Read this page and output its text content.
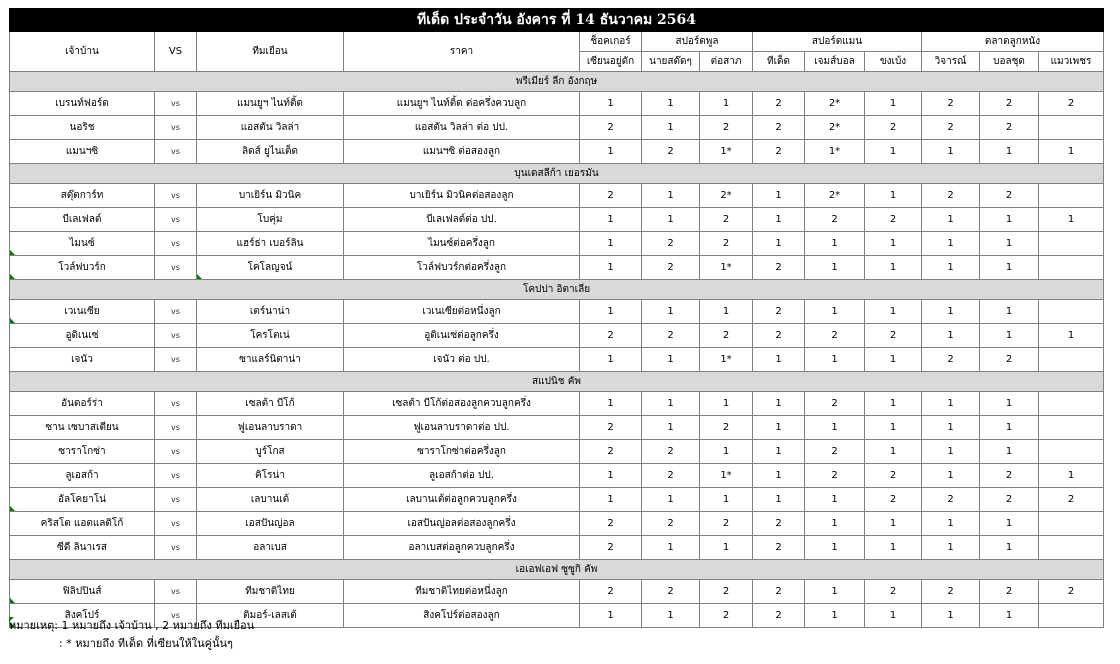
ทีเด็ด ประจำวัน อังคาร ที่ 14 ธันวาคม 2564												
เจ้าบ้าน	VS	ทีมเยือน	ราคา	ช็อคเกอร์	สปอร์ตพูล		สปอร์ตแมน			ตลาดลูกหนัง		
				เซียนอยู่ดัก	นายสต๊ดๆ	ต่อสาภ	ทีเด็ด	เจมส์บอล	ขงเบ้ง	วิจารณ์	บอลชุด	แมวเพชร
พรีเมียร์ ลีก อังกฤษ												
เบรนท์ฟอร์ด	vs	แมนยูฯ ไนท์ติ้ด	แมนยูฯ ไนท์ติ้ด ต่อครึ่งควบลูก	1	1	1	2	2*	1	2	2	2
นอริช	vs	แอสตัน วิลล่า	แอสตัน วิลล่า ต่อ ปป.	2	1	2	2	2*	2	2	2	
แมนฯซิ	vs	ลิดส์ ยูไนเต็ด	แมนฯซิ ต่อสองลูก	1	2	1*	2	1*	1	1	1	1
บุนเดสลีก้า เยอรมัน												
สตุ๊ตการ์ท	vs	บาเยิร์น มิวนิค	บาเยิร์น มิวนิคต่อสองลูก	2	1	2*	1	2*	1	2	2	
บีเลเฟลด์	vs	โบคุ่ม	บีเลเฟลด์ต่อ ปป.	1	1	2	1	2	2	1	1	1
ไมนซ์	vs	แฮร์ธ่า เบอร์ลิน	ไมนซ์ต่อครึ่งลูก	1	2	2	1	1	1	1	1	
โวล์ฟบวร์ก	vs	โคโลญจน์	โวล์ฟบวร์กต่อครึ่งลูก	1	2	1*	2	1	1	1	1	
โคปปา อิตาเลีย												
เวเนเซีย	vs	เตร์นาน่า	เวเนเซียต่อหนึ่งลูก	1	1	1	2	1	1	1	1	
อูดิเนเซ่	vs	โครโตเน่	อูดิเนเซ่ต่อลูกครึ่ง	2	2	2	2	2	2	1	1	1
เจนัว	vs	ซาแลร์นิตาน่า	เจนัว ต่อ ปป.	1	1	1*	1	1	1	2	2	
สแปนิช คัพ												
อันดอร์ร่า	vs	เซลต้า บีโก้	เซลต้า บีโก้ต่อสองลูกควบลูกครึ่ง	1	1	1	1	2	1	1	1	
ซาน เซบาสเตียน	vs	ฟูเอนลาบราดา	ฟูเอนลาบราดาต่อ ปป.	2	1	2	1	1	1	1	1	
ซาราโกซ่า	vs	บูร์โกส	ซาราโกซ่าต่อครึ่งลูก	2	2	1	1	2	1	1	1	
ลูเอสก้า	vs	คิโรน่า	ลูเอสก้าต่อ ปป.	1	2	1*	1	2	2	1	2	1
อัลโคยาโน่	vs	เลบานเต้	เลบานเต้ต่อลูกควบลูกครึ่ง	1	1	1	1	1	2	2	2	2
คริสโต แอตแลติโก้	vs	เอสปันญ่อล	เอสปันญ่อลต่อสองลูกครึ่ง	2	2	2	2	1	1	1	1	
ซีดี ลินาเรส	vs	อลาเบส	อลาเบสต่อลูกควบลูกครึ่ง	2	1	1	2	1	1	1	1	
เอเอฟเอฟ ซูซูกิ คัพ												
ฟิลิปปินส์	vs	ทีมชาติไทย	ทีมชาติไทยต่อหนึ่งลูก	2	2	2	2	1	2	2	2	2
สิงคโปร์	vs	ติมอร์-เลสเต้	สิงคโปร์ต่อสองลูก	1	1	2	2	1	1	1	1	
หมายเหตุ: 1 หมายถึง เจ้าบ้าน , 2 หมายถึง ทีมเยือน
: * หมายถึง ทีเด็ด ที่เซียนให้ในคู่นั้นๆ
